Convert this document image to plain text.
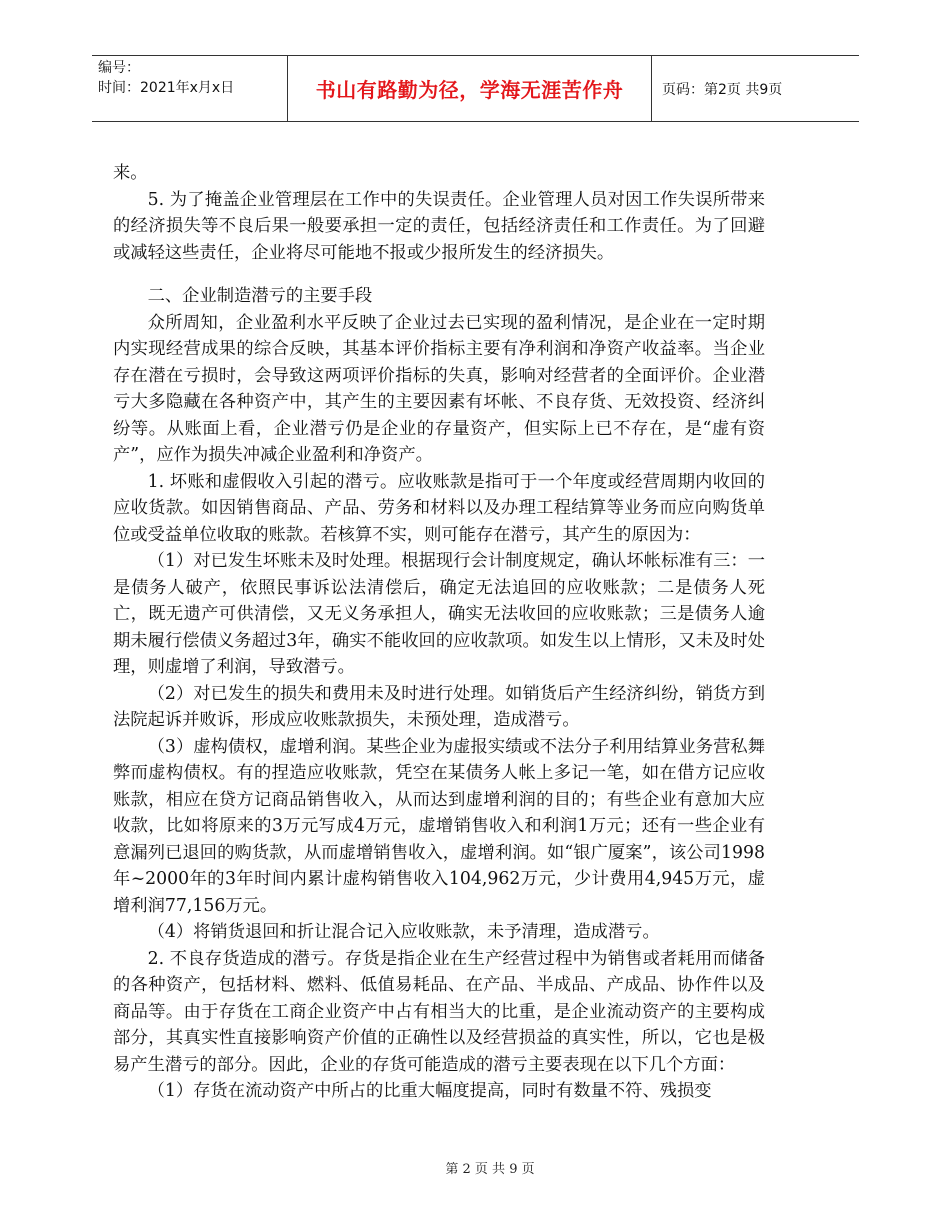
编号：
时间：2021年x月x日	书山有路勤为径，学海无涯苦作舟	页码：第2页 共9页

来。

5. 为了掩盖企业管理层在工作中的失误责任。企业管理人员对因工作失误所带来的经济损失等不良后果一般要承担一定的责任，包括经济责任和工作责任。为了回避或减轻这些责任，企业将尽可能地不报或少报所发生的经济损失。

二、企业制造潜亏的主要手段

众所周知，企业盈利水平反映了企业过去已实现的盈利情况，是企业在一定时期内实现经营成果的综合反映，其基本评价指标主要有净利润和净资产收益率。当企业存在潜在亏损时，会导致这两项评价指标的失真，影响对经营者的全面评价。企业潜亏大多隐藏在各种资产中，其产生的主要因素有坏帐、不良存货、无效投资、经济纠纷等。从账面上看，企业潜亏仍是企业的存量资产，但实际上已不存在，是“虚有资产”，应作为损失冲减企业盈利和净资产。

1. 坏账和虚假收入引起的潜亏。应收账款是指可于一个年度或经营周期内收回的应收货款。如因销售商品、产品、劳务和材料以及办理工程结算等业务而应向购货单位或受益单位收取的账款。若核算不实，则可能存在潜亏，其产生的原因为：

（1）对已发生坏账未及时处理。根据现行会计制度规定，确认坏帐标准有三：一是债务人破产，依照民事诉讼法清偿后，确定无法追回的应收账款；二是债务人死亡，既无遗产可供清偿，又无义务承担人，确实无法收回的应收账款；三是债务人逾期未履行偿债义务超过3年，确实不能收回的应收款项。如发生以上情形，又未及时处理，则虚增了利润，导致潜亏。

（2）对已发生的损失和费用未及时进行处理。如销货后产生经济纠纷，销货方到法院起诉并败诉，形成应收账款损失，未预处理，造成潜亏。

（3）虚构债权，虚增利润。某些企业为虚报实绩或不法分子利用结算业务营私舞弊而虚构债权。有的捏造应收账款，凭空在某债务人帐上多记一笔，如在借方记应收账款，相应在贷方记商品销售收入，从而达到虚增利润的目的；有些企业有意加大应收款，比如将原来的3万元写成4万元，虚增销售收入和利润1万元；还有一些企业有意漏列已退回的购货款，从而虚增销售收入，虚增利润。如“银广厦案”，该公司1998年~2000年的3年时间内累计虚构销售收入104,962万元，少计费用4,945万元，虚增利润77,156万元。

（4）将销货退回和折让混合记入应收账款，未予清理，造成潜亏。

2. 不良存货造成的潜亏。存货是指企业在生产经营过程中为销售或者耗用而储备的各种资产，包括材料、燃料、低值易耗品、在产品、半成品、产成品、协作件以及商品等。由于存货在工商企业资产中占有相当大的比重，是企业流动资产的主要构成部分，其真实性直接影响资产价值的正确性以及经营损益的真实性，所以，它也是极易产生潜亏的部分。因此，企业的存货可能造成的潜亏主要表现在以下几个方面：

（1）存货在流动资产中所占的比重大幅度提高，同时有数量不符、残损变

第 2 页 共 9 页
